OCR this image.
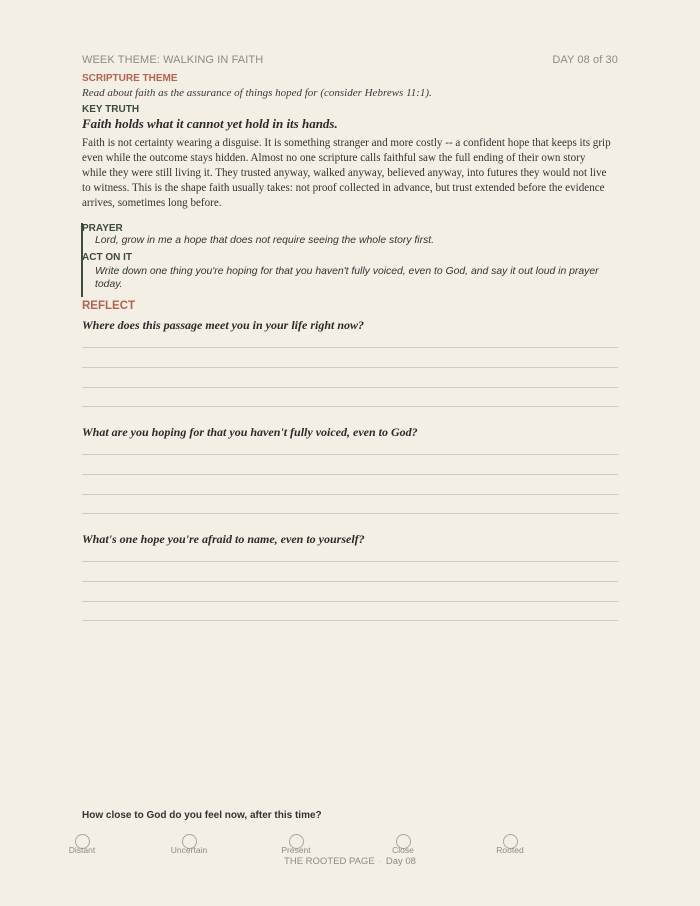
WEEK THEME: WALKING IN FAITH	DAY 08 of 30
SCRIPTURE THEME
Read about faith as the assurance of things hoped for (consider Hebrews 11:1).
KEY TRUTH
Faith holds what it cannot yet hold in its hands.
Faith is not certainty wearing a disguise. It is something stranger and more costly -- a confident hope that keeps its grip even while the outcome stays hidden. Almost no one scripture calls faithful saw the full ending of their own story while they were still living it. They trusted anyway, walked anyway, believed anyway, into futures they would not live to witness. This is the shape faith usually takes: not proof collected in advance, but trust extended before the evidence arrives, sometimes long before.
PRAYER
Lord, grow in me a hope that does not require seeing the whole story first.
ACT ON IT
Write down one thing you're hoping for that you haven't fully voiced, even to God, and say it out loud in prayer today.
REFLECT
Where does this passage meet you in your life right now?
What are you hoping for that you haven't fully voiced, even to God?
What's one hope you're afraid to name, even to yourself?
How close to God do you feel now, after this time?
Distant	Uncertain	Present	Close	Rooted
THE ROOTED PAGE · Day 08
